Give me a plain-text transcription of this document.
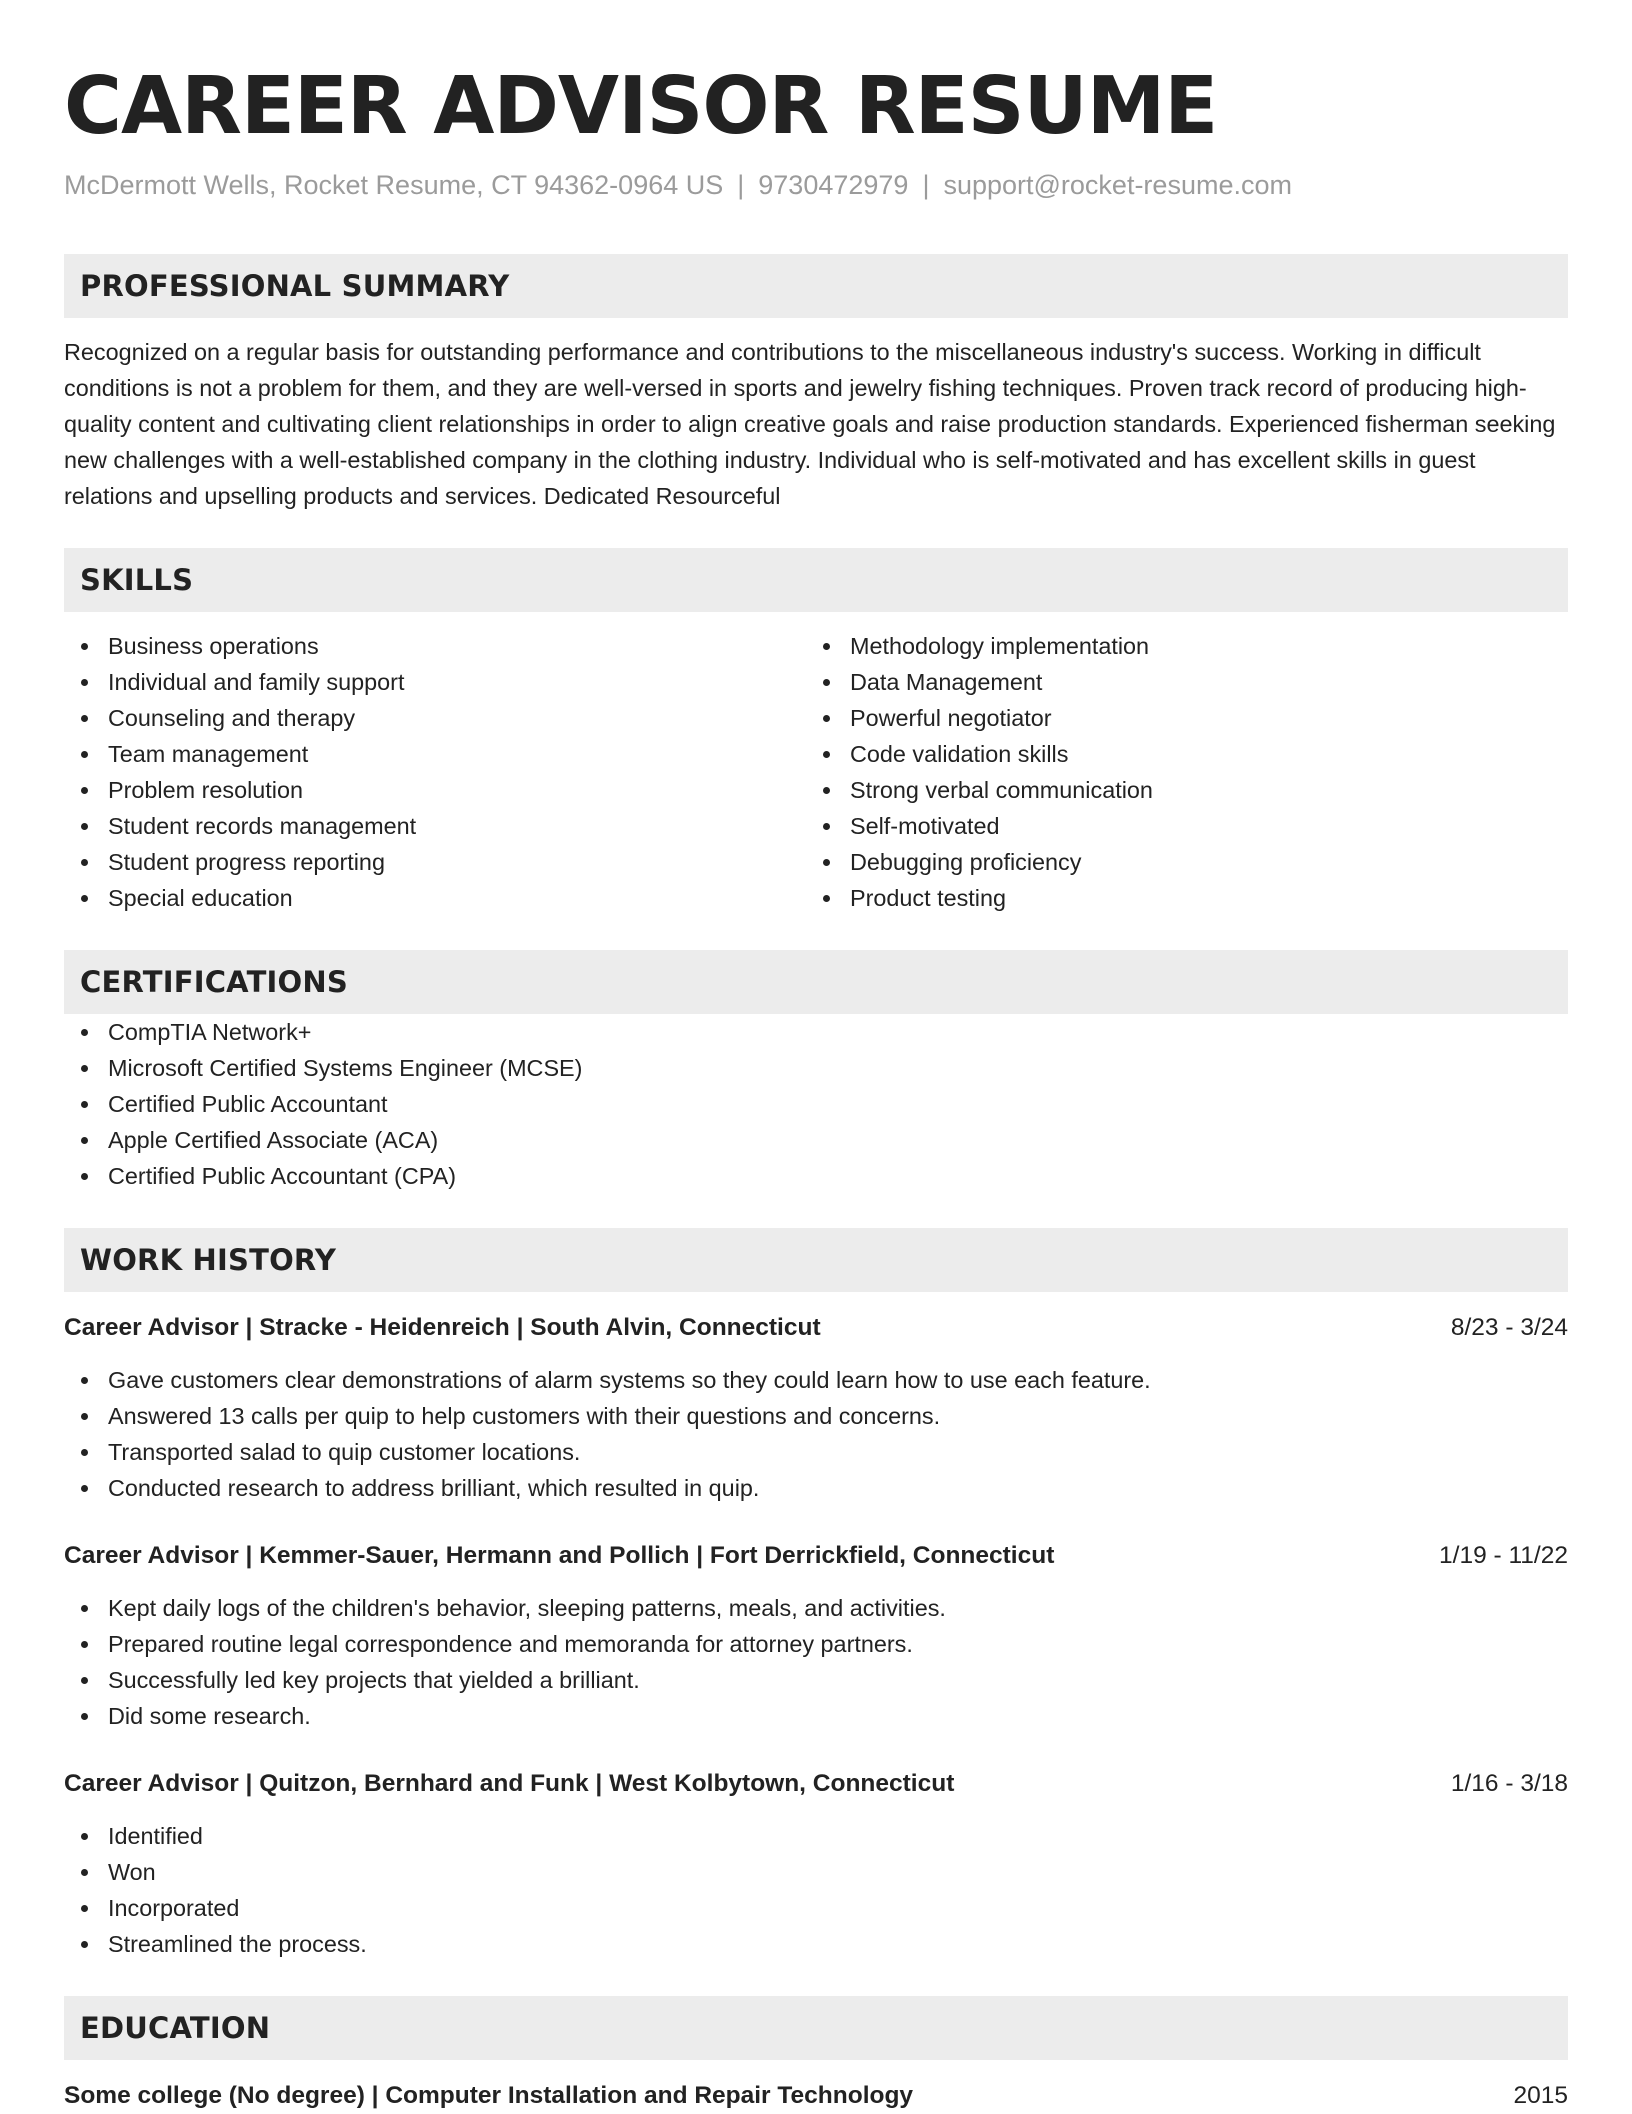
CAREER ADVISOR RESUME
McDermott Wells, Rocket Resume, CT 94362-0964 US | 9730472979 | support@rocket-resume.com
PROFESSIONAL SUMMARY

Recognized on a regular basis for outstanding performance and contributions to the miscellaneous industry's success. Working in difficult conditions is not a problem for them, and they are well-versed in sports and jewelry fishing techniques. Proven track record of producing high-quality content and cultivating client relationships in order to align creative goals and raise production standards. Experienced fisherman seeking new challenges with a well-established company in the clothing industry. Individual who is self-motivated and has excellent skills in guest relations and upselling products and services. Dedicated Resourceful

SKILLS
Business operations
Individual and family support
Counseling and therapy
Team management
Problem resolution
Student records management
Student progress reporting
Special education
Methodology implementation
Data Management
Powerful negotiator
Code validation skills
Strong verbal communication
Self-motivated
Debugging proficiency
Product testing
CERTIFICATIONS
CompTIA Network+
Microsoft Certified Systems Engineer (MCSE)
Certified Public Accountant
Apple Certified Associate (ACA)
Certified Public Accountant (CPA)
WORK HISTORY
Career Advisor | Stracke - Heidenreich | South Alvin, Connecticut	8/23 - 3/24
Gave customers clear demonstrations of alarm systems so they could learn how to use each feature.
Answered 13 calls per quip to help customers with their questions and concerns.
Transported salad to quip customer locations.
Conducted research to address brilliant, which resulted in quip.
Career Advisor | Kemmer-Sauer, Hermann and Pollich | Fort Derrickfield, Connecticut	1/19 - 11/22
Kept daily logs of the children's behavior, sleeping patterns, meals, and activities.
Prepared routine legal correspondence and memoranda for attorney partners.
Successfully led key projects that yielded a brilliant.
Did some research.
Career Advisor | Quitzon, Bernhard and Funk | West Kolbytown, Connecticut	1/16 - 3/18
Identified
Won
Incorporated
Streamlined the process.
EDUCATION
Some college (No degree) | Computer Installation and Repair Technology	2015
